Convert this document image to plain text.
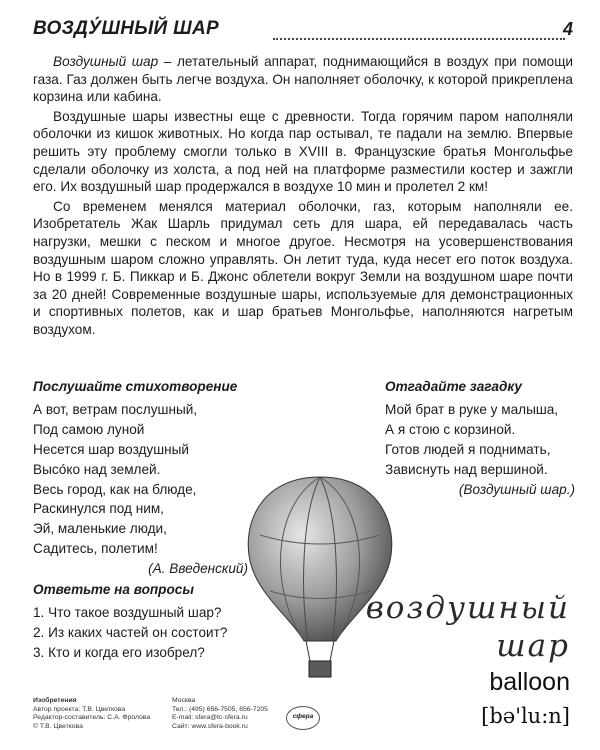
ВОЗДУ́ШНЫЙ ШАР	4

Воздушный шар – летательный аппарат, поднимающийся в воздух при помощи газа. Газ должен быть легче воздуха. Он наполняет оболочку, к которой прикреплена корзина или кабина.

Воздушные шары известны еще с древности. Тогда горячим паром наполняли оболочки из кишок животных. Но когда пар остывал, те падали на землю. Впервые решить эту проблему смогли только в XVIII в. Французские братья Монгольфье сделали оболочку из холста, а под ней на платформе разместили костер и зажгли его. Их воздушный шар продержался в воздухе 10 мин и пролетел 2 км!

Со временем менялся материал оболочки, газ, которым наполняли ее. Изобретатель Жак Шарль придумал сеть для шара, ей передавалась часть нагрузки, мешки с песком и многое другое. Несмотря на усовершенствования воздушным шаром сложно управлять. Он летит туда, куда несет его поток воздуха. Но в 1999 г. Б. Пиккар и Б. Джонс облетели вокруг Земли на воздушном шаре почти за 20 дней! Современные воздушные шары, используемые для демонстрационных и спортивных полетов, как и шар братьев Монгольфье, наполняются нагретым воздухом.

Послушайте стихотворение
А вот, ветрам послушный,
Под самою луной
Несется шар воздушный
Высо́ко над землей.
Весь город, как на блюде,
Раскинулся под ним,
Эй, маленькие люди,
Садитесь, полетим!
(А. Введенский)
Отгадайте загадку
Мой брат в руке у малыша,
А я стою с корзиной.
Готов людей я поднимать,
Зависнуть над вершиной.
(Воздушный шар.)
Ответьте на вопросы
1. Что такое воздушный шар?
2. Из каких частей он состоит?
3. Кто и когда его изобрел?
воздушный
шар
balloon
[bə'lu:n]
Изобретения
Автор проекта: Т.В. Цветкова
Редактор-составитель: С.А. Фролова
© Т.В. Цветкова
Москва
Тел.: (495) 656-7505, 656-7205
E-mail: sfera@tc-sfera.ru
Сайт: www.sfera-book.ru
сфера
